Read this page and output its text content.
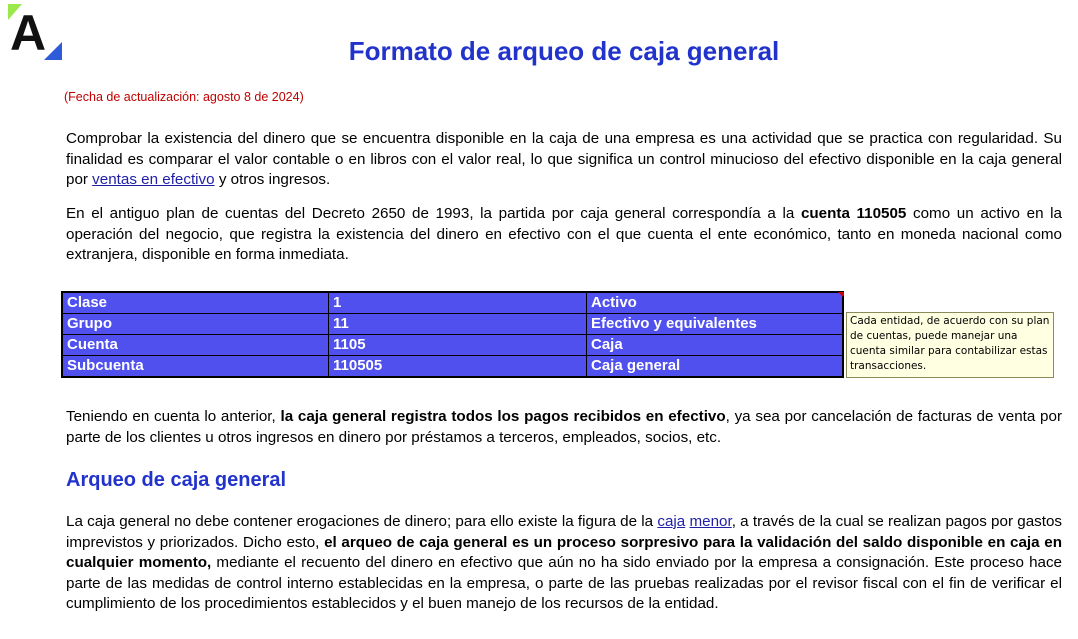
A	Formato de arqueo de caja general
(Fecha de actualización: agosto 8 de 2024)

Comprobar la existencia del dinero que se encuentra disponible en la caja de una empresa es una actividad que se practica con regularidad. Su finalidad es comparar el valor contable o en libros con el valor real, lo que significa un control minucioso del efectivo disponible en la caja general por ventas en efectivo y otros ingresos.

En el antiguo plan de cuentas del Decreto 2650 de 1993, la partida por caja general correspondía a la cuenta 110505 como un activo en la operación del negocio, que registra la existencia del dinero en efectivo con el que cuenta el ente económico, tanto en moneda nacional como extranjera, disponible en forma inmediata.

Clase	1	Activo
Grupo	11	Efectivo y equivalentes
Cuenta	1105	Caja
Subcuenta	110505	Caja general
Cada entidad, de acuerdo con su plan de cuentas, puede manejar una cuenta similar para contabilizar estas transacciones.

Teniendo en cuenta lo anterior, la caja general registra todos los pagos recibidos en efectivo, ya sea por cancelación de facturas de venta por parte de los clientes u otros ingresos en dinero por préstamos a terceros, empleados, socios, etc.

Arqueo de caja general

La caja general no debe contener erogaciones de dinero; para ello existe la figura de la caja menor, a través de la cual se realizan pagos por gastos imprevistos y priorizados. Dicho esto, el arqueo de caja general es un proceso sorpresivo para la validación del saldo disponible en caja en cualquier momento, mediante el recuento del dinero en efectivo que aún no ha sido enviado por la empresa a consignación. Este proceso hace parte de las medidas de control interno establecidas en la empresa, o parte de las pruebas realizadas por el revisor fiscal con el fin de verificar el cumplimiento de los procedimientos establecidos y el buen manejo de los recursos de la entidad.
